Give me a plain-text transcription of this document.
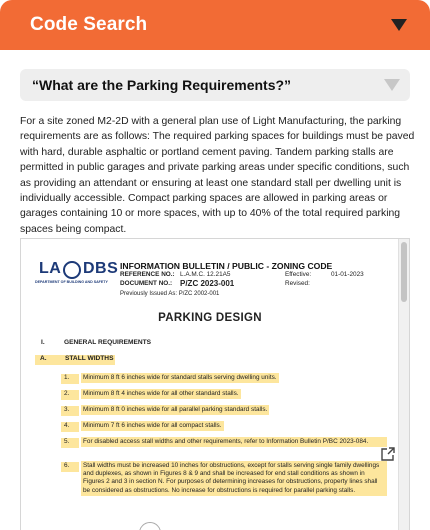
Code Search
“What are the Parking Requirements?”

For a site zoned M2-2D with a general plan use of Light Manufacturing, the parking requirements are as follows: The required parking spaces for buildings must be paved with hard, durable asphaltic or portland cement paving. Tandem parking stalls are permitted in public garages and private parking areas under specific conditions, such as providing an attendant or ensuring at least one standard stall per dwelling unit is individually accessible. Compact parking spaces are allowed in parking areas or garages containing 10 or more spaces, with up to 40% of the total required parking spaces being compact.

LA DBS
DEPARTMENT OF BUILDING AND SAFETY
INFORMATION BULLETIN / PUBLIC - ZONING CODE
REFERENCE NO.: L.A.M.C. 12.21A5	Effective:	01-01-2023
DOCUMENT NO.: P/ZC 2023-001	Revised:
Previously Issued As: P/ZC 2002-001
PARKING DESIGN
I.	GENERAL REQUIREMENTS
A.	STALL WIDTHS
1.	Minimum 8 ft 6 inches wide for standard stalls serving dwelling units.
2.	Minimum 8 ft 4 inches wide for all other standard stalls.
3.	Minimum 8 ft 0 inches wide for all parallel parking standard stalls.
4.	Minimum 7 ft 6 inches wide for all compact stalls.
5.	For disabled access stall widths and other requirements, refer to Information Bulletin P/BC 2023-084.
6.	Stall widths must be increased 10 inches for obstructions, except for stalls serving single family dwellings and duplexes, as shown in Figures 8 & 9 and shall be increased for end stall conditions as shown in Figures 2 and 3 in section N. For purposes of determining increases for obstructions, property lines shall be considered as obstructions. No increase for obstructions is required for parallel parking stalls.
